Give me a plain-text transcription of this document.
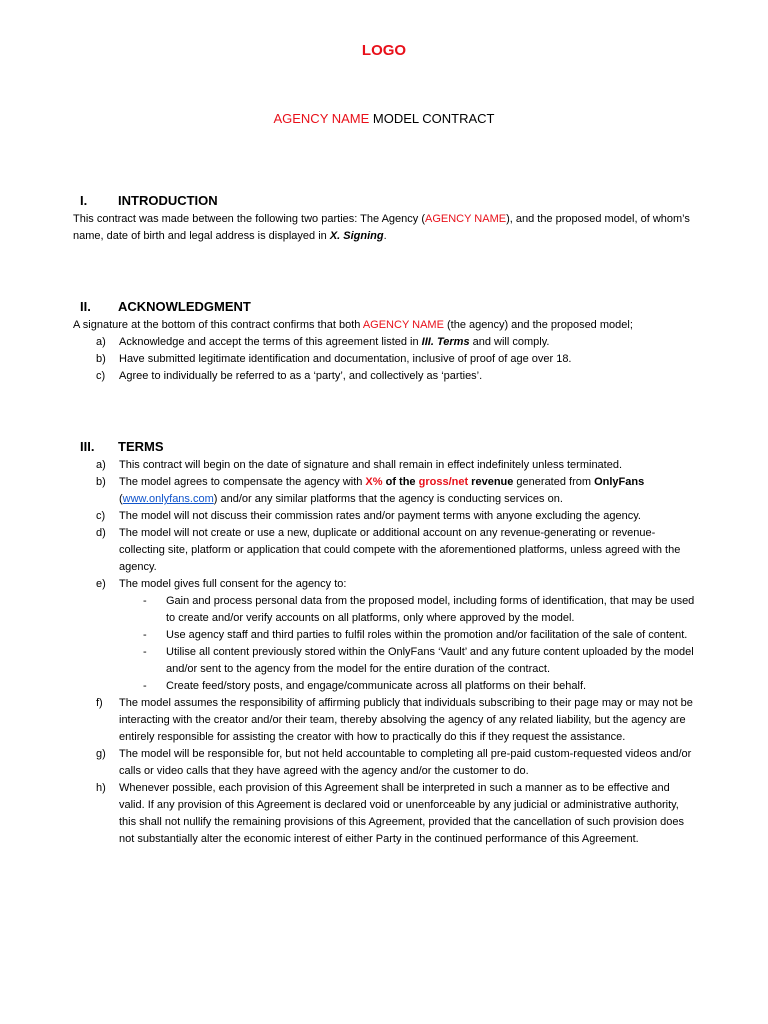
LOGO
AGENCY NAME MODEL CONTRACT
I. INTRODUCTION
This contract was made between the following two parties: The Agency (AGENCY NAME), and the proposed model, of whom’s name, date of birth and legal address is displayed in X. Signing.
II. ACKNOWLEDGMENT
A signature at the bottom of this contract confirms that both AGENCY NAME (the agency) and the proposed model;
a) Acknowledge and accept the terms of this agreement listed in III. Terms and will comply.
b) Have submitted legitimate identification and documentation, inclusive of proof of age over 18.
c) Agree to individually be referred to as a ‘party’, and collectively as ‘parties’.
III. TERMS
a) This contract will begin on the date of signature and shall remain in effect indefinitely unless terminated.
b) The model agrees to compensate the agency with X% of the gross/net revenue generated from OnlyFans (www.onlyfans.com) and/or any similar platforms that the agency is conducting services on.
c) The model will not discuss their commission rates and/or payment terms with anyone excluding the agency.
d) The model will not create or use a new, duplicate or additional account on any revenue-generating or revenue-collecting site, platform or application that could compete with the aforementioned platforms, unless agreed with the agency.
e) The model gives full consent for the agency to:
- Gain and process personal data from the proposed model, including forms of identification, that may be used to create and/or verify accounts on all platforms, only where approved by the model.
- Use agency staff and third parties to fulfil roles within the promotion and/or facilitation of the sale of content.
- Utilise all content previously stored within the OnlyFans ‘Vault’ and any future content uploaded by the model and/or sent to the agency from the model for the entire duration of the contract.
- Create feed/story posts, and engage/communicate across all platforms on their behalf.
f) The model assumes the responsibility of affirming publicly that individuals subscribing to their page may or may not be interacting with the creator and/or their team, thereby absolving the agency of any related liability, but the agency are entirely responsible for assisting the creator with how to practically do this if they request the assistance.
g) The model will be responsible for, but not held accountable to completing all pre-paid custom-requested videos and/or calls or video calls that they have agreed with the agency and/or the customer to do.
h) Whenever possible, each provision of this Agreement shall be interpreted in such a manner as to be effective and valid. If any provision of this Agreement is declared void or unenforceable by any judicial or administrative authority, this shall not nullify the remaining provisions of this Agreement, provided that the cancellation of such provision does not substantially alter the economic interest of either Party in the continued performance of this Agreement.
